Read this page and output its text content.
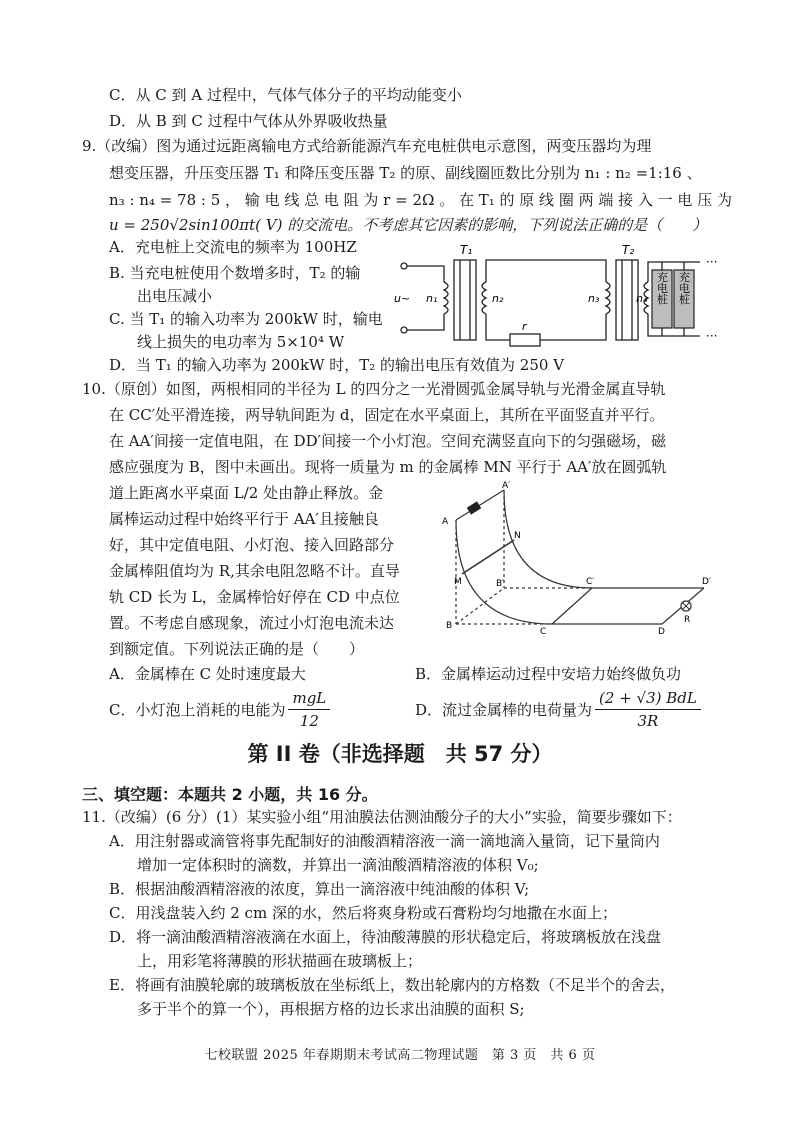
C．从 C 到 A 过程中，气体气体分子的平均动能变小
D．从 B 到 C 过程中气体从外界吸收热量
9.（改编）图为通过远距离输电方式给新能源汽车充电桩供电示意图，两变压器均为理
想变压器，升压变压器 T₁ 和降压变压器 T₂ 的原、副线圈匝数比分别为 n₁ : n₂ =1:16 、
n₃ : n₄ = 78 : 5 ， 输 电 线 总 电 阻 为 r = 2Ω 。 在 T₁ 的 原 线 圈 两 端 接 入 一 电 压 为
u = 250√2sin100πt( V) 的交流电。不考虑其它因素的影响，下列说法正确的是（　　）
A．充电桩上交流电的频率为 100HZ
B. 当充电桩使用个数增多时，T₂ 的输
出电压减小
C. 当 T₁ 的输入功率为 200kW 时，输电
线上损失的电功率为 5×10⁴ W
D．当 T₁ 的输入功率为 200kW 时，T₂ 的输出电压有效值为 250 V
充电桩 充电桩
···
···
T₁	T₂
u~ n₁	n₂	n₃	n₄
r
10.（原创）如图，两根相同的半径为 L 的四分之一光滑圆弧金属导轨与光滑金属直导轨
在 CC′处平滑连接，两导轨间距为 d，固定在水平桌面上，其所在平面竖直并平行。
在 AA′间接一定值电阻，在 DD′间接一个小灯泡。空间充满竖直向下的匀强磁场，磁
感应强度为 B，图中未画出。现将一质量为 m 的金属棒 MN 平行于 AA′放在圆弧轨
道上距离水平桌面 L/2 处由静止释放。金
属棒运动过程中始终平行于 AA′且接触良
好，其中定值电阻、小灯泡、接入回路部分
金属棒阻值均为 R,其余电阻忽略不计。直导
轨 CD 长为 L，金属棒恰好停在 CD 中点位
置。不考虑自感现象，流过小灯泡电流未达
到额定值。下列说法正确的是（　　）
A
A′
B
B′
C
C′
D
D′
M
N
R
A．金属棒在 C 处时速度最大	B．金属棒运动过程中安培力始终做负功
C．小灯泡上消耗的电能为 $\frac{\text{mgL}}{12}$	D．流过金属棒的电荷量为 $\frac{\text{(2 + √3) BdL}}{3R}$
第 II 卷（非选择题　共 57 分）
三、填空题：本题共 2 小题，共 16 分。
11.（改编）(6 分）(1）某实验小组“用油膜法估测油酸分子的大小”实验，简要步骤如下：
A．用注射器或滴管将事先配制好的油酸酒精溶液一滴一滴地滴入量筒，记下量筒内
增加一定体积时的滴数，并算出一滴油酸酒精溶液的体积 V₀;
B．根据油酸酒精溶液的浓度，算出一滴溶液中纯油酸的体积 V;
C．用浅盘装入约 2 cm 深的水，然后将爽身粉或石膏粉均匀地撒在水面上；
D．将一滴油酸酒精溶液滴在水面上，待油酸薄膜的形状稳定后，将玻璃板放在浅盘
上，用彩笔将薄膜的形状描画在玻璃板上；
E．将画有油膜轮廓的玻璃板放在坐标纸上，数出轮廓内的方格数（不足半个的舍去，
多于半个的算一个），再根据方格的边长求出油膜的面积 S;
七校联盟 2025 年春期期末考试高二物理试题　第 3 页　共 6 页
